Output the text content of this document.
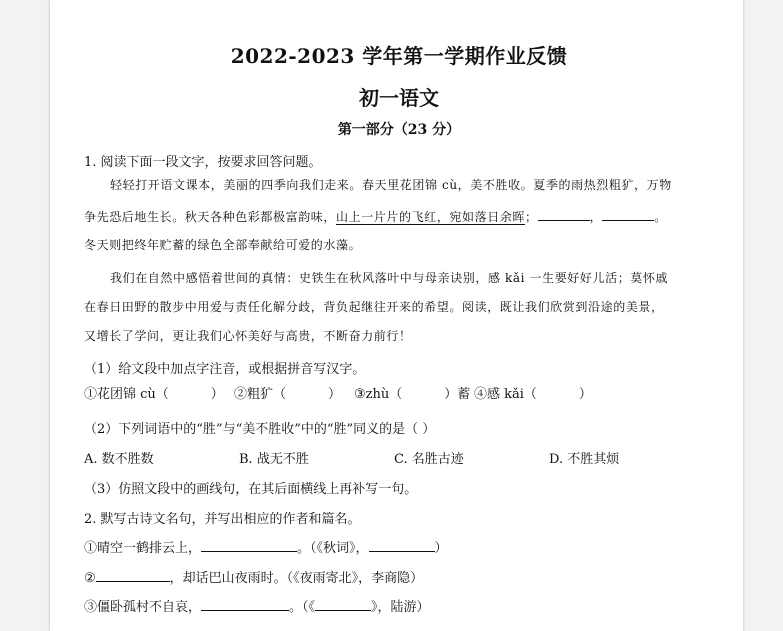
2022-2023 学年第一学期作业反馈
初一语文
第一部分（23 分）
1. 阅读下面一段文字，按要求回答问题。
轻轻打开语文课本，美丽的四季向我们走来。春天里花团锦 cù，美不胜收。夏季的雨热烈粗犷，万物
争先恐后地生长。秋天各种色彩都极富韵味，山上一片片的飞红，宛如落日余晖；	，	。
冬天则把终年贮蓄的绿色全部奉献给可爱的水藻。
我们在自然中感悟着世间的真情：史铁生在秋风落叶中与母亲诀别，感 kǎi 一生要好好儿活；莫怀戚
在春日田野的散步中用爱与责任化解分歧，背负起继往开来的希望。阅读，既让我们欣赏到沿途的美景，
又增长了学问，更让我们心怀美好与高贵，不断奋力前行！
（1）给文段中加点字注音，或根据拼音写汉字。
①花团锦 cù（	） ②粗犷（	） ③zhù（	）蓄 ④感 kǎi（	）
（2）下列词语中的“胜”与“美不胜收”中的“胜”同义的是（ ）
A. 数不胜数	B. 战无不胜	C. 名胜古迹	D. 不胜其烦
（3）仿照文段中的画线句，在其后面横线上再补写一句。
2. 默写古诗文名句，并写出相应的作者和篇名。
①晴空一鹤排云上，	。（《秋词》，	）
②	，却话巴山夜雨时。（《夜雨寄北》，李商隐）
③僵卧孤村不自哀，	。（《	》，陆游）
